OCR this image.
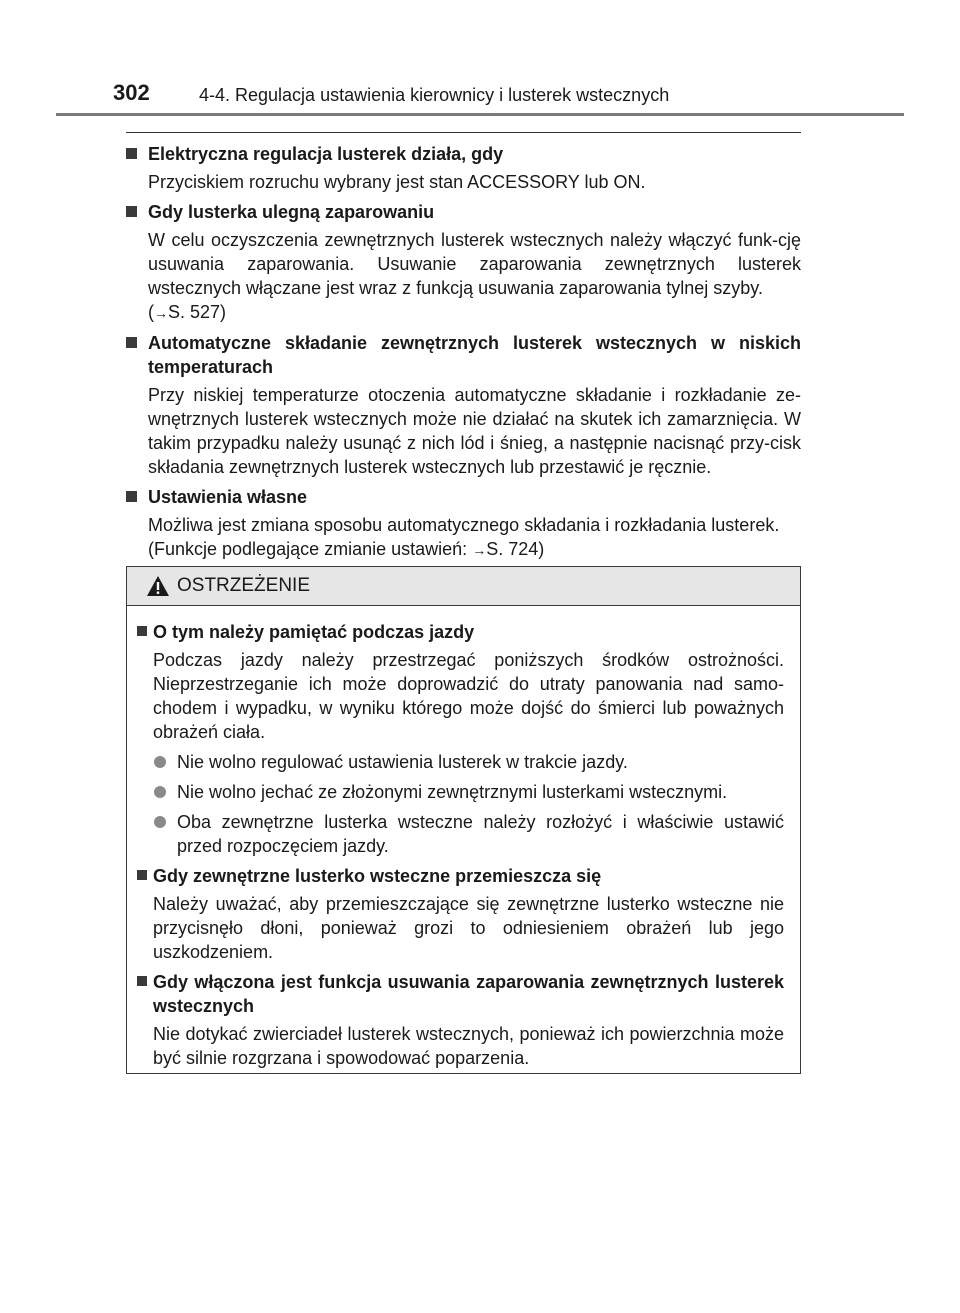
302	4-4. Regulacja ustawienia kierownicy i lusterek wstecznych
Elektryczna regulacja lusterek działa, gdy
Przyciskiem rozruchu wybrany jest stan ACCESSORY lub ON.
Gdy lusterka ulegną zaparowaniu
W celu oczyszczenia zewnętrznych lusterek wstecznych należy włączyć funk-cję usuwania zaparowania. Usuwanie zaparowania zewnętrznych lusterek wstecznych włączane jest wraz z funkcją usuwania zaparowania tylnej szyby.
(→S. 527)
Automatyczne składanie zewnętrznych lusterek wstecznych w niskich temperaturach
Przy niskiej temperaturze otoczenia automatyczne składanie i rozkładanie ze-wnętrznych lusterek wstecznych może nie działać na skutek ich zamarznięcia. W takim przypadku należy usunąć z nich lód i śnieg, a następnie nacisnąć przy-cisk składania zewnętrznych lusterek wstecznych lub przestawić je ręcznie.
Ustawienia własne
Możliwa jest zmiana sposobu automatycznego składania i rozkładania lusterek.
(Funkcje podlegające zmianie ustawień: →S. 724)
OSTRZEŻENIE
O tym należy pamiętać podczas jazdy
Podczas jazdy należy przestrzegać poniższych środków ostrożności. Nieprzestrzeganie ich może doprowadzić do utraty panowania nad samo-chodem i wypadku, w wyniku którego może dojść do śmierci lub poważnych obrażeń ciała.
Nie wolno regulować ustawienia lusterek w trakcie jazdy.
Nie wolno jechać ze złożonymi zewnętrznymi lusterkami wstecznymi.
Oba zewnętrzne lusterka wsteczne należy rozłożyć i właściwie ustawić przed rozpoczęciem jazdy.
Gdy zewnętrzne lusterko wsteczne przemieszcza się
Należy uważać, aby przemieszczające się zewnętrzne lusterko wsteczne nie przycisnęło dłoni, ponieważ grozi to odniesieniem obrażeń lub jego uszkodzeniem.
Gdy włączona jest funkcja usuwania zaparowania zewnętrznych lusterek wstecznych
Nie dotykać zwierciadeł lusterek wstecznych, ponieważ ich powierzchnia może być silnie rozgrzana i spowodować poparzenia.
